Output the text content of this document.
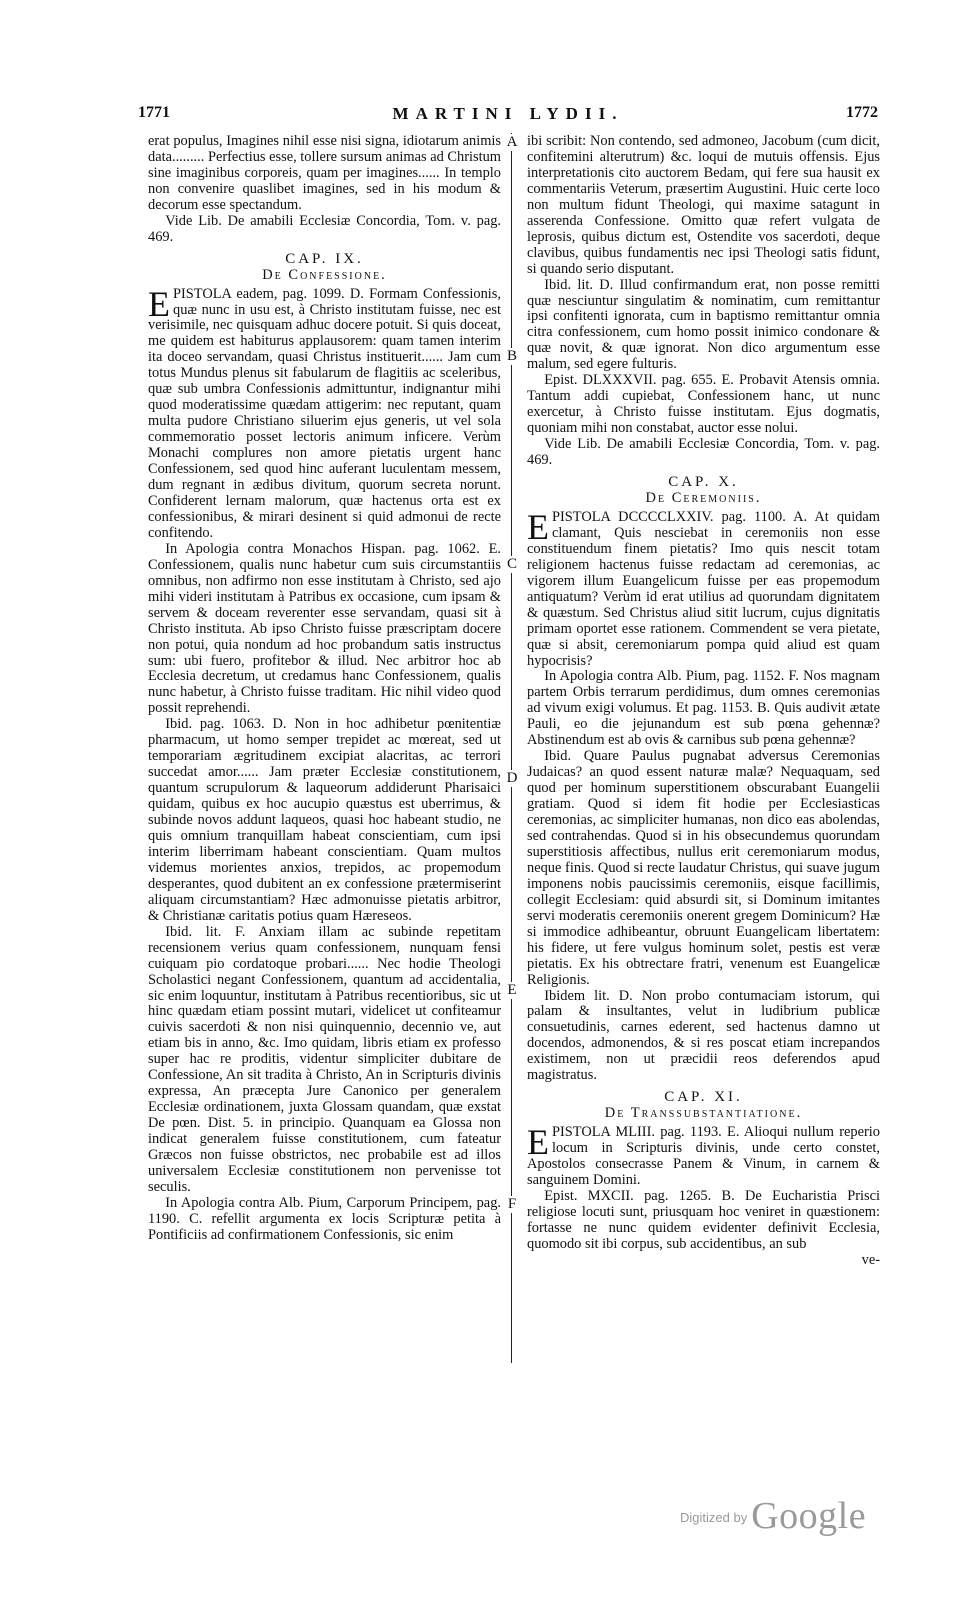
1771	MARTINI LYDII.	1772
A
B
C
D
E
F

erat populus, Imagines nihil esse nisi signa, idiotarum animis data......... Perfectius esse, tollere sursum animas ad Christum sine imaginibus corporeis, quam per imagines...... In templo non convenire quaslibet imagines, sed in his modum & decorum esse spectandum.

Vide Lib. De amabili Ecclesiæ Concordia, Tom. v. pag. 469.

CAP. IX.
De Confessione.

EPISTOLA eadem, pag. 1099. D. Formam Confessionis, quæ nunc in usu est, à Christo institutam fuisse, nec est verisimile, nec quisquam adhuc docere potuit. Si quis doceat, me quidem est habiturus applausorem: quam tamen interim ita doceo servandam, quasi Christus instituerit...... Jam cum totus Mundus plenus sit fabularum de flagitiis ac sceleribus, quæ sub umbra Confessionis admittuntur, indignantur mihi quod moderatissime quædam attigerim: nec reputant, quam multa pudore Christiano siluerim ejus generis, ut vel sola commemoratio posset lectoris animum inficere. Verùm Monachi complures non amore pietatis urgent hanc Confessionem, sed quod hinc auferant luculentam messem, dum regnant in ædibus divitum, quorum secreta norunt. Confiderent lernam malorum, quæ hactenus orta est ex confessionibus, & mirari desinent si quid admonui de recte confitendo.

In Apologia contra Monachos Hispan. pag. 1062. E. Confessionem, qualis nunc habetur cum suis circumstantiis omnibus, non adfirmo non esse institutam à Christo, sed ajo mihi videri institutam à Patribus ex occasione, cum ipsam & servem & doceam reverenter esse servandam, quasi sit à Christo instituta. Ab ipso Christo fuisse præscriptam docere non potui, quia nondum ad hoc probandum satis instructus sum: ubi fuero, profitebor & illud. Nec arbitror hoc ab Ecclesia decretum, ut credamus hanc Confessionem, qualis nunc habetur, à Christo fuisse traditam. Hic nihil video quod possit reprehendi.

Ibid. pag. 1063. D. Non in hoc adhibetur pœnitentiæ pharmacum, ut homo semper trepidet ac mœreat, sed ut temporariam ægritudinem excipiat alacritas, ac terrori succedat amor...... Jam præter Ecclesiæ constitutionem, quantum scrupulorum & laqueorum addiderunt Pharisaici quidam, quibus ex hoc aucupio quæstus est uberrimus, & subinde novos addunt laqueos, quasi hoc habeant studio, ne quis omnium tranquillam habeat conscientiam, cum ipsi interim liberrimam habeant conscientiam. Quam multos videmus morientes anxios, trepidos, ac propemodum desperantes, quod dubitent an ex confessione prætermiserint aliquam circumstantiam? Hæc admonuisse pietatis arbitror, & Christianæ caritatis potius quam Hæreseos.

Ibid. lit. F. Anxiam illam ac subinde repetitam recensionem verius quam confessionem, nunquam fensi cuiquam pio cordatoque probari...... Nec hodie Theologi Scholastici negant Confessionem, quantum ad accidentalia, sic enim loquuntur, institutam à Patribus recentioribus, sic ut hinc quædam etiam possint mutari, videlicet ut confiteamur cuivis sacerdoti & non nisi quinquennio, decennio ve, aut etiam bis in anno, &c. Imo quidam, libris etiam ex professo super hac re proditis, videntur simpliciter dubitare de Confessione, An sit tradita à Christo, An in Scripturis divinis expressa, An præcepta Jure Canonico per generalem Ecclesiæ ordinationem, juxta Glossam quandam, quæ exstat De pœn. Dist. 5. in principio. Quanquam ea Glossa non indicat generalem fuisse constitutionem, cum fateatur Græcos non fuisse obstrictos, nec probabile est ad illos universalem Ecclesiæ constitutionem non pervenisse tot seculis.

In Apologia contra Alb. Pium, Carporum Principem, pag. 1190. C. refellit argumenta ex locis Scripturæ petita à Pontificiis ad confirmationem Confessionis, sic enim

ibi scribit: Non contendo, sed admoneo, Jacobum (cum dicit, confitemini alterutrum) &c. loqui de mutuis offensis. Ejus interpretationis cito auctorem Bedam, qui fere sua hausit ex commentariis Veterum, præsertim Augustini. Huic certe loco non multum fidunt Theologi, qui maxime satagunt in asserenda Confessione. Omitto quæ refert vulgata de leprosis, quibus dictum est, Ostendite vos sacerdoti, deque clavibus, quibus fundamentis nec ipsi Theologi satis fidunt, si quando serio disputant.

Ibid. lit. D. Illud confirmandum erat, non posse remitti quæ nesciuntur singulatim & nominatim, cum remittantur ipsi confitenti ignorata, cum in baptismo remittantur omnia citra confessionem, cum homo possit inimico condonare & quæ novit, & quæ ignorat. Non dico argumentum esse malum, sed egere fulturis.

Epist. DLXXXVII. pag. 655. E. Probavit Atensis omnia. Tantum addi cupiebat, Confessionem hanc, ut nunc exercetur, à Christo fuisse institutam. Ejus dogmatis, quoniam mihi non constabat, auctor esse nolui.

Vide Lib. De amabili Ecclesiæ Concordia, Tom. v. pag. 469.

CAP. X.
De Ceremoniis.

EPISTOLA DCCCCLXXIV. pag. 1100. A. At quidam clamant, Quis nesciebat in ceremoniis non esse constituendum finem pietatis? Imo quis nescit totam religionem hactenus fuisse redactam ad ceremonias, ac vigorem illum Euangelicum fuisse per eas propemodum antiquatum? Verùm id erat utilius ad quorundam dignitatem & quæstum. Sed Christus aliud sitit lucrum, cujus dignitatis primam oportet esse rationem. Commendent se vera pietate, quæ si absit, ceremoniarum pompa quid aliud est quam hypocrisis?

In Apologia contra Alb. Pium, pag. 1152. F. Nos magnam partem Orbis terrarum perdidimus, dum omnes ceremonias ad vivum exigi volumus. Et pag. 1153. B. Quis audivit ætate Pauli, eo die jejunandum est sub pœna gehennæ? Abstinendum est ab ovis & carnibus sub pœna gehennæ?

Ibid. Quare Paulus pugnabat adversus Ceremonias Judaicas? an quod essent naturæ malæ? Nequaquam, sed quod per hominum superstitionem obscurabant Euangelii gratiam. Quod si idem fit hodie per Ecclesiasticas ceremonias, ac simpliciter humanas, non dico eas abolendas, sed contrahendas. Quod si in his obsecundemus quorundam superstitiosis affectibus, nullus erit ceremoniarum modus, neque finis. Quod si recte laudatur Christus, qui suave jugum imponens nobis paucissimis ceremoniis, eisque facillimis, collegit Ecclesiam: quid absurdi sit, si Dominum imitantes servi moderatis ceremoniis onerent gregem Dominicum? Hæ si immodice adhibeantur, obruunt Euangelicam libertatem: his fidere, ut fere vulgus hominum solet, pestis est veræ pietatis. Ex his obtrectare fratri, venenum est Euangelicæ Religionis.

Ibidem lit. D. Non probo contumaciam istorum, qui palam & insultantes, velut in ludibrium publicæ consuetudinis, carnes ederent, sed hactenus damno ut docendos, admonendos, & si res poscat etiam increpandos existimem, non ut præcidii reos deferendos apud magistratus.

CAP. XI.
De Transsubstantiatione.

EPISTOLA MLIII. pag. 1193. E. Alioqui nullum reperio locum in Scripturis divinis, unde certo constet, Apostolos consecrasse Panem & Vinum, in carnem & sanguinem Domini.

Epist. MXCII. pag. 1265. B. De Eucharistia Prisci religiose locuti sunt, priusquam hoc veniret in quæstionem: fortasse ne nunc quidem evidenter definivit Ecclesia, quomodo sit ibi corpus, sub accidentibus, an sub

ve-

$^{Digitized by}$ Google
